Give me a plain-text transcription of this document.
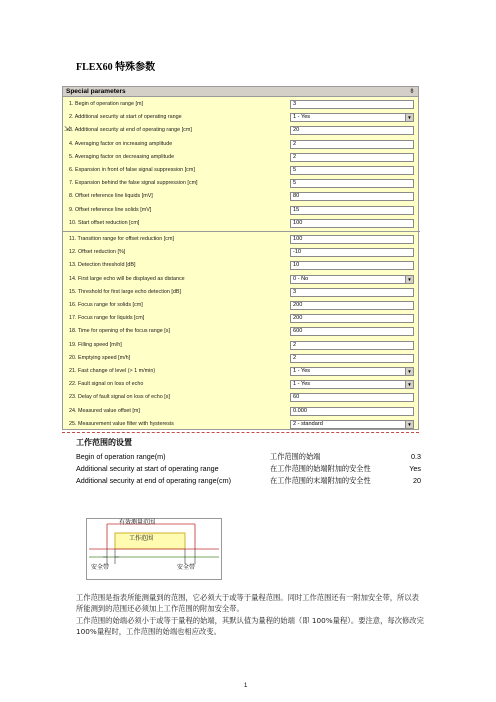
FLEX60 特殊参数
Special parameters	⇟
⇲
1. Begin of operation range [m]	3
2. Additional security at start of operating range	1 - Yes	▼
3. Additional security at end of operating range [cm]	20
4. Averaging factor on increasing amplitude	2
5. Averaging factor on decreasing amplitude	2
6. Expansion in front of false signal suppression [cm]	5
7. Expansion behind the false signal suppression [cm]	5
8. Offset reference line liquids [mV]	80
9. Offset reference line solids [mV]	15
10. Start offset reduction [cm]	100
11. Transition range for offset reduction [cm]	100
12. Offset reduction [%]	-10
13. Detection threshold [dB]	10
14. First large echo will be displayed as distance	0 - No	▼
15. Threshold for first large echo detection [dB]	3
16. Focus range for solids [cm]	200
17. Focus range for liquids [cm]	200
18. Time for opening of the focus range [s]	600
19. Filling speed [m/h]	2
20. Emptying speed [m/h]	2
21. Fast change of level (> 1 m/min)	1 - Yes	▼
22. Fault signal on loss of echo	1 - Yes	▼
23. Delay of fault signal on loss of echo [s]	60
24. Measured value offset [m]	0.000
25. Measurement value filter with hysteresis	2 - standard	▼
工作范围的设置
Begin of operation range(m)	工作范围的始端	0.3
Additional security at start of operating range	在工作范围的始端附加的安全性	Yes
Additional security at end of operating range(cm)	在工作范围的末端附加的安全性	20
有效测量范围
工作范围
安全带	安全带
工作范围是指表所能测量到的范围，它必须大于或等于量程范围。同时工作范围还有一附加安全带，所以表所能测到的范围还必须加上工作范围的附加安全带。
工作范围的始端必须小于或等于量程的始端，其默认值为量程的始端（即 100%量程）。要注意，每次修改完 100%量程时，工作范围的始端也相应改变。
1
